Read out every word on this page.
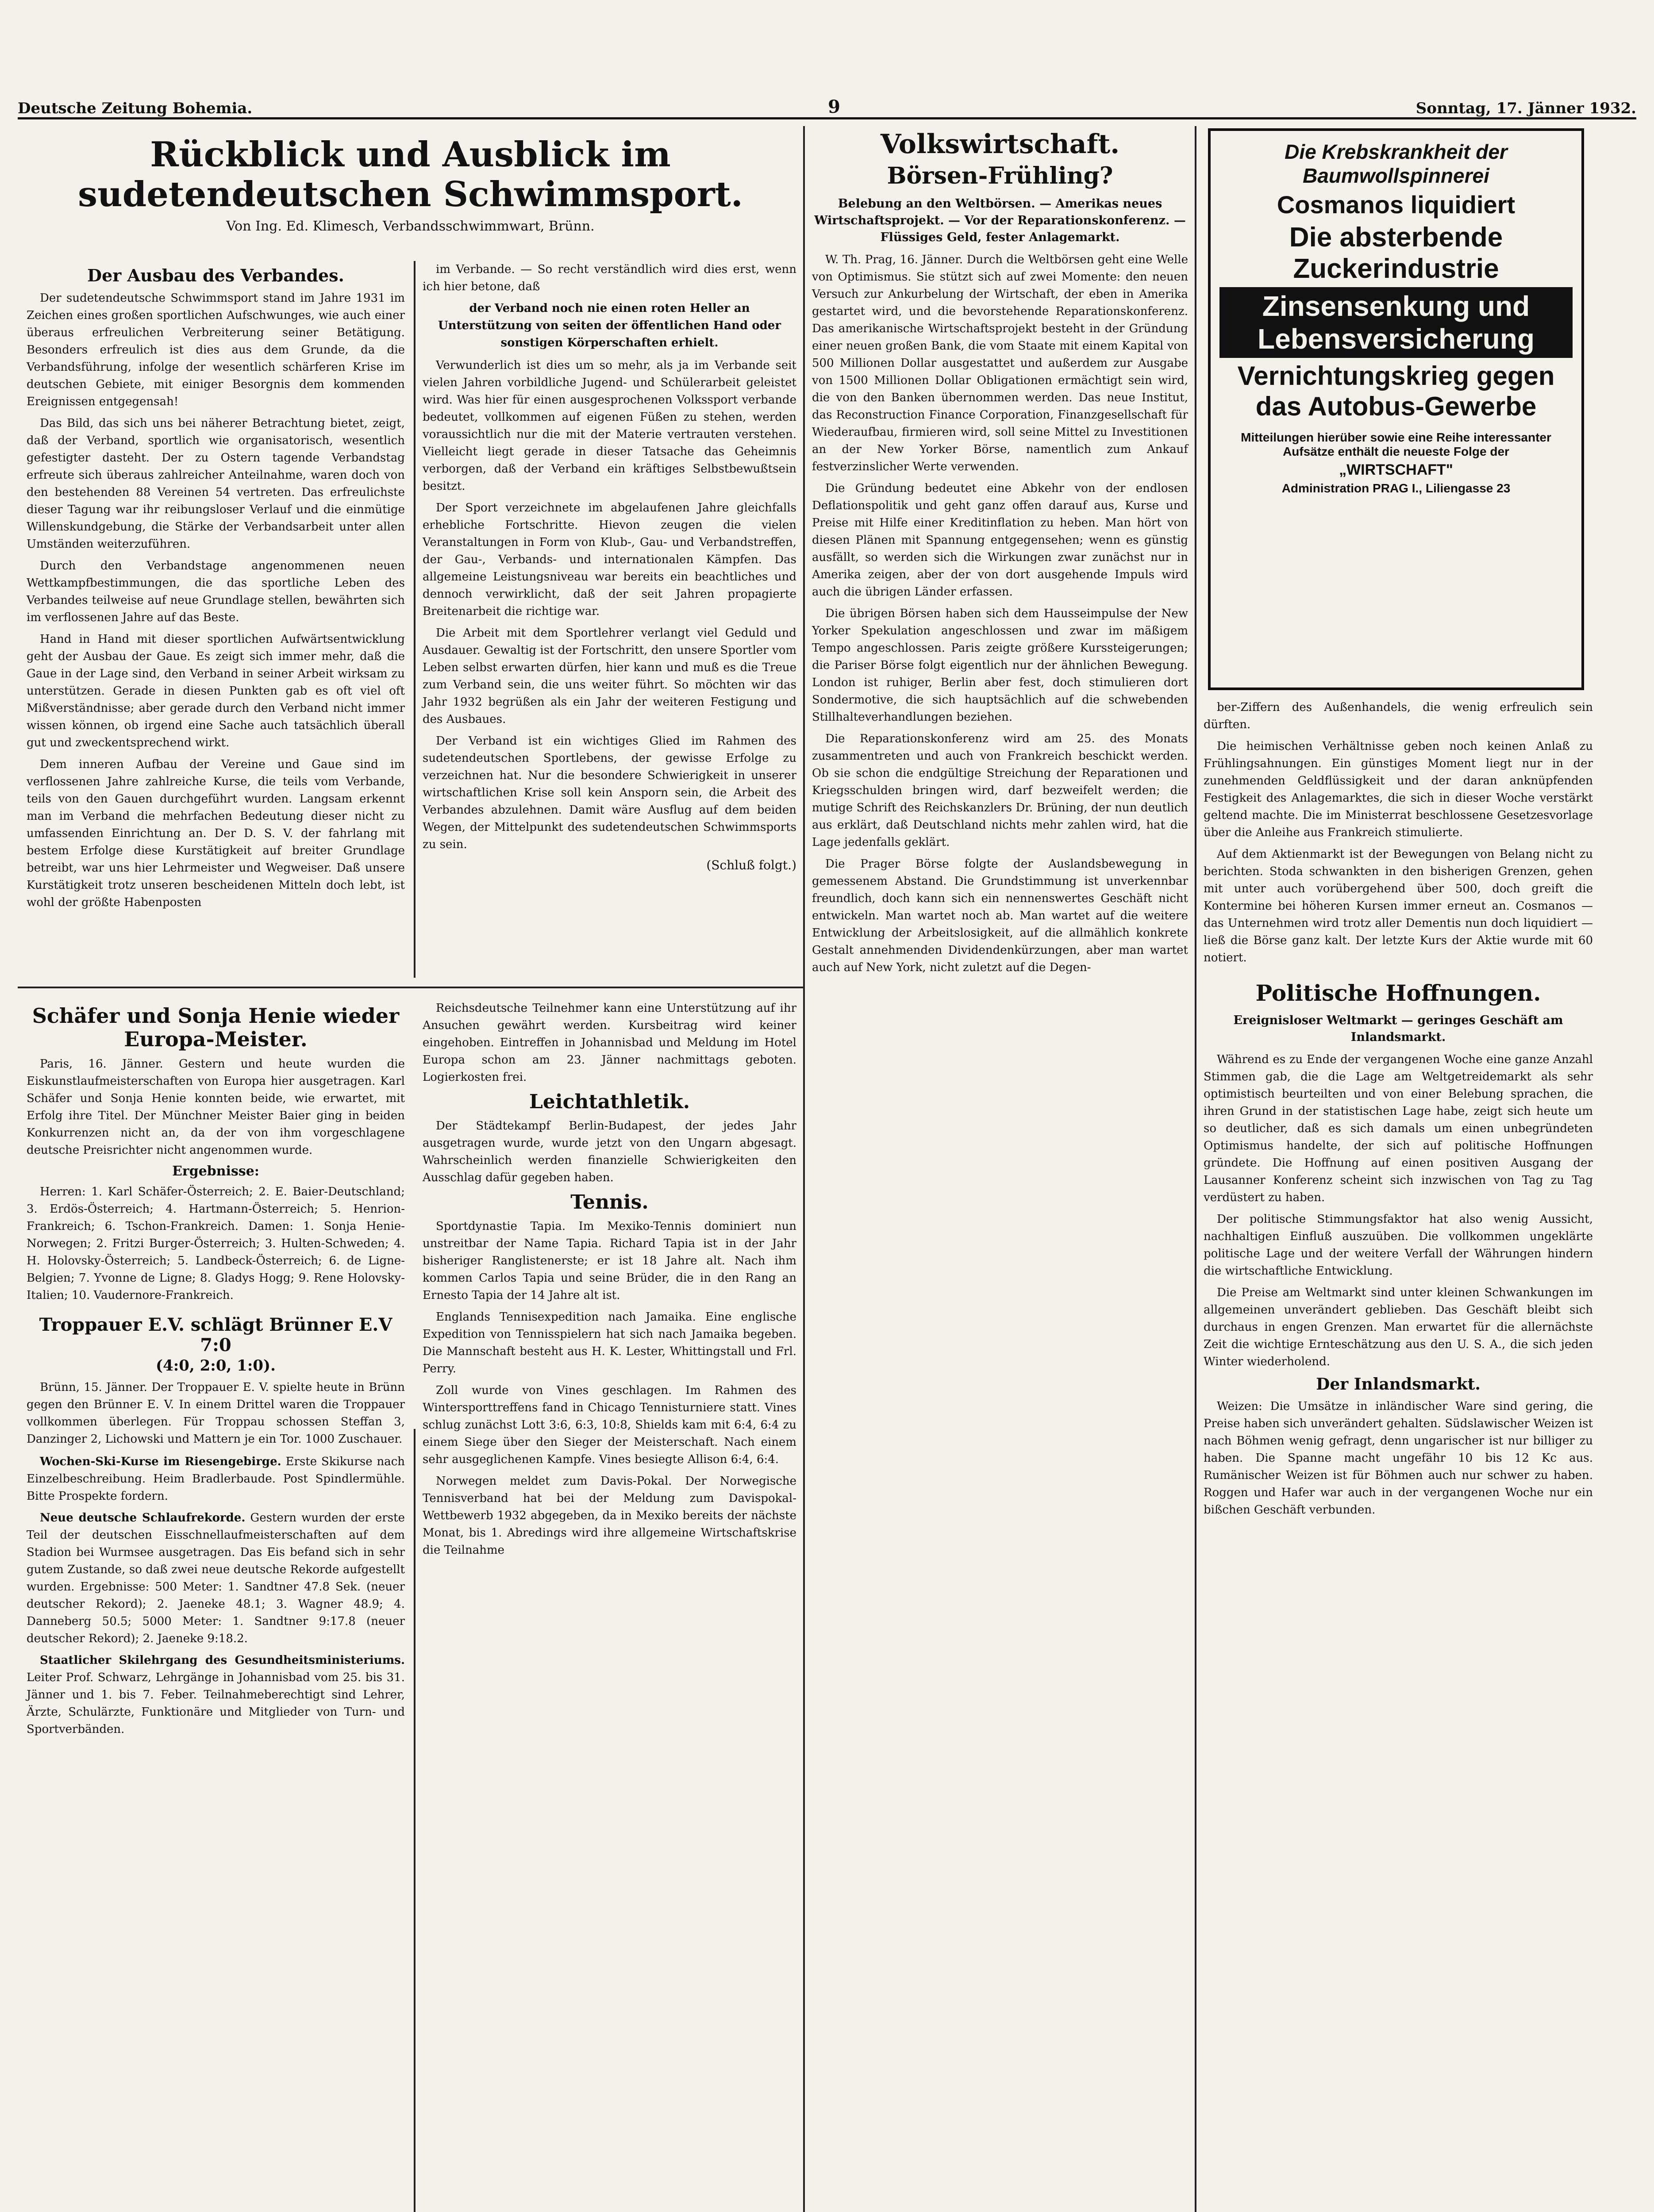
Deutsche Zeitung Bohemia.	9	Sonntag, 17. Jänner 1932.
Rückblick und Ausblick im sudetendeutschen Schwimmsport.
Von Ing. Ed. Klimesch, Verbandsschwimmwart, Brünn.
Der Ausbau des Verbandes.

Der sudetendeutsche Schwimmsport stand im Jahre 1931 im Zeichen eines großen sportlichen Aufschwunges, wie auch einer überaus erfreulichen Verbreiterung seiner Betätigung. Besonders erfreulich ist dies aus dem Grunde, da die Verbandsführung, infolge der wesentlich schärferen Krise im deutschen Gebiete, mit einiger Besorgnis dem kommenden Ereignissen entgegensah!

Das Bild, das sich uns bei näherer Betrachtung bietet, zeigt, daß der Verband, sportlich wie organisatorisch, wesentlich gefestigter dasteht. Der zu Ostern tagende Verbandstag erfreute sich überaus zahlreicher Anteilnahme, waren doch von den bestehenden 88 Vereinen 54 vertreten. Das erfreulichste dieser Tagung war ihr reibungsloser Verlauf und die einmütige Willenskundgebung, die Stärke der Verbandsarbeit unter allen Umständen weiterzuführen.

Durch den Verbandstage angenommenen neuen Wettkampfbestimmungen, die das sportliche Leben des Verbandes teilweise auf neue Grundlage stellen, bewährten sich im verflossenen Jahre auf das Beste.

Hand in Hand mit dieser sportlichen Aufwärtsentwicklung geht der Ausbau der Gaue. Es zeigt sich immer mehr, daß die Gaue in der Lage sind, den Verband in seiner Arbeit wirksam zu unterstützen. Gerade in diesen Punkten gab es oft viel oft Mißverständnisse; aber gerade durch den Verband nicht immer wissen können, ob irgend eine Sache auch tatsächlich überall gut und zweckentsprechend wirkt.

Dem inneren Aufbau der Vereine und Gaue sind im verflossenen Jahre zahlreiche Kurse, die teils vom Verbande, teils von den Gauen durchgeführt wurden. Langsam erkennt man im Verband die mehrfachen Bedeutung dieser nicht zu umfassenden Einrichtung an. Der D. S. V. der fahrlang mit bestem Erfolge diese Kurstätigkeit auf breiter Grundlage betreibt, war uns hier Lehrmeister und Wegweiser. Daß unsere Kurstätigkeit trotz unseren bescheidenen Mitteln doch lebt, ist wohl der größte Habenposten

im Verbande. — So recht verständlich wird dies erst, wenn ich hier betone, daß

der Verband noch nie einen roten Heller an Unterstützung von seiten der öffentlichen Hand oder sonstigen Körperschaften erhielt.

Verwunderlich ist dies um so mehr, als ja im Verbande seit vielen Jahren vorbildliche Jugend- und Schülerarbeit geleistet wird. Was hier für einen ausgesprochenen Volkssport verbande bedeutet, vollkommen auf eigenen Füßen zu stehen, werden voraussichtlich nur die mit der Materie vertrauten verstehen. Vielleicht liegt gerade in dieser Tatsache das Geheimnis verborgen, daß der Verband ein kräftiges Selbstbewußtsein besitzt.

Der Sport verzeichnete im abgelaufenen Jahre gleichfalls erhebliche Fortschritte. Hievon zeugen die vielen Veranstaltungen in Form von Klub-, Gau- und Verbandstreffen, der Gau-, Verbands- und internationalen Kämpfen. Das allgemeine Leistungsniveau war bereits ein beachtliches und dennoch verwirklicht, daß der seit Jahren propagierte Breitenarbeit die richtige war.

Die Arbeit mit dem Sportlehrer verlangt viel Geduld und Ausdauer. Gewaltig ist der Fortschritt, den unsere Sportler vom Leben selbst erwarten dürfen, hier kann und muß es die Treue zum Verband sein, die uns weiter führt. So möchten wir das Jahr 1932 begrüßen als ein Jahr der weiteren Festigung und des Ausbaues.

Der Verband ist ein wichtiges Glied im Rahmen des sudetendeutschen Sportlebens, der gewisse Erfolge zu verzeichnen hat. Nur die besondere Schwierigkeit in unserer wirtschaftlichen Krise soll kein Ansporn sein, die Arbeit des Verbandes abzulehnen. Damit wäre Ausflug auf dem beiden Wegen, der Mittelpunkt des sudetendeutschen Schwimmsports zu sein.

(Schluß folgt.)
Schäfer und Sonja Henie wieder Europa-Meister.

Paris, 16. Jänner. Gestern und heute wurden die Eiskunstlaufmeisterschaften von Europa hier ausgetragen. Karl Schäfer und Sonja Henie konnten beide, wie erwartet, mit Erfolg ihre Titel. Der Münchner Meister Baier ging in beiden Konkurrenzen nicht an, da der von ihm vorgeschlagene deutsche Preisrichter nicht angenommen wurde.

Ergebnisse:

Herren: 1. Karl Schäfer-Österreich; 2. E. Baier-Deutschland; 3. Erdös-Österreich; 4. Hartmann-Österreich; 5. Henrion-Frankreich; 6. Tschon-Frankreich. Damen: 1. Sonja Henie-Norwegen; 2. Fritzi Burger-Österreich; 3. Hulten-Schweden; 4. H. Holovsky-Österreich; 5. Landbeck-Österreich; 6. de Ligne-Belgien; 7. Yvonne de Ligne; 8. Gladys Hogg; 9. Rene Holovsky-Italien; 10. Vaudernore-Frankreich.

Troppauer E.V. schlägt Brünner E.V 7:0
(4:0, 2:0, 1:0).

Brünn, 15. Jänner. Der Troppauer E. V. spielte heute in Brünn gegen den Brünner E. V. In einem Drittel waren die Troppauer vollkommen überlegen. Für Troppau schossen Steffan 3, Danzinger 2, Lichowski und Mattern je ein Tor. 1000 Zuschauer.

Wochen-Ski-Kurse im Riesengebirge. Erste Skikurse nach Einzelbeschreibung. Heim Bradlerbaude. Post Spindlermühle. Bitte Prospekte fordern.

Neue deutsche Schlaufrekorde. Gestern wurden der erste Teil der deutschen Eisschnellaufmeisterschaften auf dem Stadion bei Wurmsee ausgetragen. Das Eis befand sich in sehr gutem Zustande, so daß zwei neue deutsche Rekorde aufgestellt wurden. Ergebnisse: 500 Meter: 1. Sandtner 47.8 Sek. (neuer deutscher Rekord); 2. Jaeneke 48.1; 3. Wagner 48.9; 4. Danneberg 50.5; 5000 Meter: 1. Sandtner 9:17.8 (neuer deutscher Rekord); 2. Jaeneke 9:18.2.

Staatlicher Skilehrgang des Gesundheitsministeriums. Leiter Prof. Schwarz, Lehrgänge in Johannisbad vom 25. bis 31. Jänner und 1. bis 7. Feber. Teilnahmeberechtigt sind Lehrer, Ärzte, Schulärzte, Funktionäre und Mitglieder von Turn- und Sportverbänden.

Reichsdeutsche Teilnehmer kann eine Unterstützung auf ihr Ansuchen gewährt werden. Kursbeitrag wird keiner eingehoben. Eintreffen in Johannisbad und Meldung im Hotel Europa schon am 23. Jänner nachmittags geboten. Logierkosten frei.

Leichtathletik.

Der Städtekampf Berlin-Budapest, der jedes Jahr ausgetragen wurde, wurde jetzt von den Ungarn abgesagt. Wahrscheinlich werden finanzielle Schwierigkeiten den Ausschlag dafür gegeben haben.

Tennis.

Sportdynastie Tapia. Im Mexiko-Tennis dominiert nun unstreitbar der Name Tapia. Richard Tapia ist in der Jahr bisheriger Ranglistenerste; er ist 18 Jahre alt. Nach ihm kommen Carlos Tapia und seine Brüder, die in den Rang an Ernesto Tapia der 14 Jahre alt ist.

Englands Tennisexpedition nach Jamaika. Eine englische Expedition von Tennisspielern hat sich nach Jamaika begeben. Die Mannschaft besteht aus H. K. Lester, Whittingstall und Frl. Perry.

Zoll wurde von Vines geschlagen. Im Rahmen des Wintersporttreffens fand in Chicago Tennisturniere statt. Vines schlug zunächst Lott 3:6, 6:3, 10:8, Shields kam mit 6:4, 6:4 zu einem Siege über den Sieger der Meisterschaft. Nach einem sehr ausgeglichenen Kampfe. Vines besiegte Allison 6:4, 6:4.

Norwegen meldet zum Davis-Pokal. Der Norwegische Tennisverband hat bei der Meldung zum Davispokal-Wettbewerb 1932 abgegeben, da in Mexiko bereits der nächste Monat, bis 1. Abredings wird ihre allgemeine Wirtschaftskrise die Teilnahme

Volkswirtschaft.
Börsen-Frühling?
Belebung an den Weltbörsen. — Amerikas neues Wirtschaftsprojekt. — Vor der Reparationskonferenz. — Flüssiges Geld, fester Anlagemarkt.

W. Th. Prag, 16. Jänner. Durch die Weltbörsen geht eine Welle von Optimismus. Sie stützt sich auf zwei Momente: den neuen Versuch zur Ankurbelung der Wirtschaft, der eben in Amerika gestartet wird, und die bevorstehende Reparationskonferenz. Das amerikanische Wirtschaftsprojekt besteht in der Gründung einer neuen großen Bank, die vom Staate mit einem Kapital von 500 Millionen Dollar ausgestattet und außerdem zur Ausgabe von 1500 Millionen Dollar Obligationen ermächtigt sein wird, die von den Banken übernommen werden. Das neue Institut, das Reconstruction Finance Corporation, Finanzgesellschaft für Wiederaufbau, firmieren wird, soll seine Mittel zu Investitionen an der New Yorker Börse, namentlich zum Ankauf festverzinslicher Werte verwenden.

Die Gründung bedeutet eine Abkehr von der endlosen Deflationspolitik und geht ganz offen darauf aus, Kurse und Preise mit Hilfe einer Kreditinflation zu heben. Man hört von diesen Plänen mit Spannung entgegensehen; wenn es günstig ausfällt, so werden sich die Wirkungen zwar zunächst nur in Amerika zeigen, aber der von dort ausgehende Impuls wird auch die übrigen Länder erfassen.

Die übrigen Börsen haben sich dem Hausseimpulse der New Yorker Spekulation angeschlossen und zwar im mäßigem Tempo angeschlossen. Paris zeigte größere Kurssteigerungen; die Pariser Börse folgt eigentlich nur der ähnlichen Bewegung. London ist ruhiger, Berlin aber fest, doch stimulieren dort Sondermotive, die sich hauptsächlich auf die schwebenden Stillhalteverhandlungen beziehen.

Die Reparationskonferenz wird am 25. des Monats zusammentreten und auch von Frankreich beschickt werden. Ob sie schon die endgültige Streichung der Reparationen und Kriegsschulden bringen wird, darf bezweifelt werden; die mutige Schrift des Reichskanzlers Dr. Brüning, der nun deutlich aus erklärt, daß Deutschland nichts mehr zahlen wird, hat die Lage jedenfalls geklärt.

Die Prager Börse folgte der Auslandsbewegung in gemessenem Abstand. Die Grundstimmung ist unverkennbar freundlich, doch kann sich ein nennenswertes Geschäft nicht entwickeln. Man wartet noch ab. Man wartet auf die weitere Entwicklung der Arbeitslosigkeit, auf die allmählich konkrete Gestalt annehmenden Dividendenkürzungen, aber man wartet auch auf New York, nicht zuletzt auf die Degen-

Die Krebskrankheit der Baumwollspinnerei
Cosmanos liquidiert
Die absterbende Zuckerindustrie
Zinsensenkung und Lebensversicherung
Vernichtungskrieg gegen das Autobus-Gewerbe
Mitteilungen hierüber sowie eine Reihe interessanter Aufsätze enthält die neueste Folge der
„WIRTSCHAFT"
Administration PRAG I., Liliengasse 23

ber-Ziffern des Außenhandels, die wenig erfreulich sein dürften.

Die heimischen Verhältnisse geben noch keinen Anlaß zu Frühlingsahnungen. Ein günstiges Moment liegt nur in der zunehmenden Geldflüssigkeit und der daran anknüpfenden Festigkeit des Anlagemarktes, die sich in dieser Woche verstärkt geltend machte. Die im Ministerrat beschlossene Gesetzesvorlage über die Anleihe aus Frankreich stimulierte.

Auf dem Aktienmarkt ist der Bewegungen von Belang nicht zu berichten. Stoda schwankten in den bisherigen Grenzen, gehen mit unter auch vorübergehend über 500, doch greift die Konterminе bei höheren Kursen immer erneut an. Cosmanos — das Unternehmen wird trotz aller Dementis nun doch liquidiert — ließ die Börse ganz kalt. Der letzte Kurs der Aktie wurde mit 60 notiert.

Politische Hoffnungen.
Ereignisloser Weltmarkt — geringes Geschäft am Inlandsmarkt.

Während es zu Ende der vergangenen Woche eine ganze Anzahl Stimmen gab, die die Lage am Weltgetreidemarkt als sehr optimistisch beurteilten und von einer Belebung sprachen, die ihren Grund in der statistischen Lage habe, zeigt sich heute um so deutlicher, daß es sich damals um einen unbegründeten Optimismus handelte, der sich auf politische Hoffnungen gründete. Die Hoffnung auf einen positiven Ausgang der Lausanner Konferenz scheint sich inzwischen von Tag zu Tag verdüstert zu haben.

Der politische Stimmungsfaktor hat also wenig Aussicht, nachhaltigen Einfluß auszuüben. Die vollkommen ungeklärte politische Lage und der weitere Verfall der Währungen hindern die wirtschaftliche Entwicklung.

Die Preise am Weltmarkt sind unter kleinen Schwankungen im allgemeinen unverändert geblieben. Das Geschäft bleibt sich durchaus in engen Grenzen. Man erwartet für die allernächste Zeit die wichtige Ernteschätzung aus den U. S. A., die sich jeden Winter wiederholend.

Der Inlandsmarkt.

Weizen: Die Umsätze in inländischer Ware sind gering, die Preise haben sich unverändert gehalten. Südslawischer Weizen ist nach Böhmen wenig gefragt, denn ungarischer ist nur billiger zu haben. Die Spanne macht ungefähr 10 bis 12 Kc aus. Rumänischer Weizen ist für Böhmen auch nur schwer zu haben. Roggen und Hafer war auch in der vergangenen Woche nur ein bißchen Geschäft verbunden.
